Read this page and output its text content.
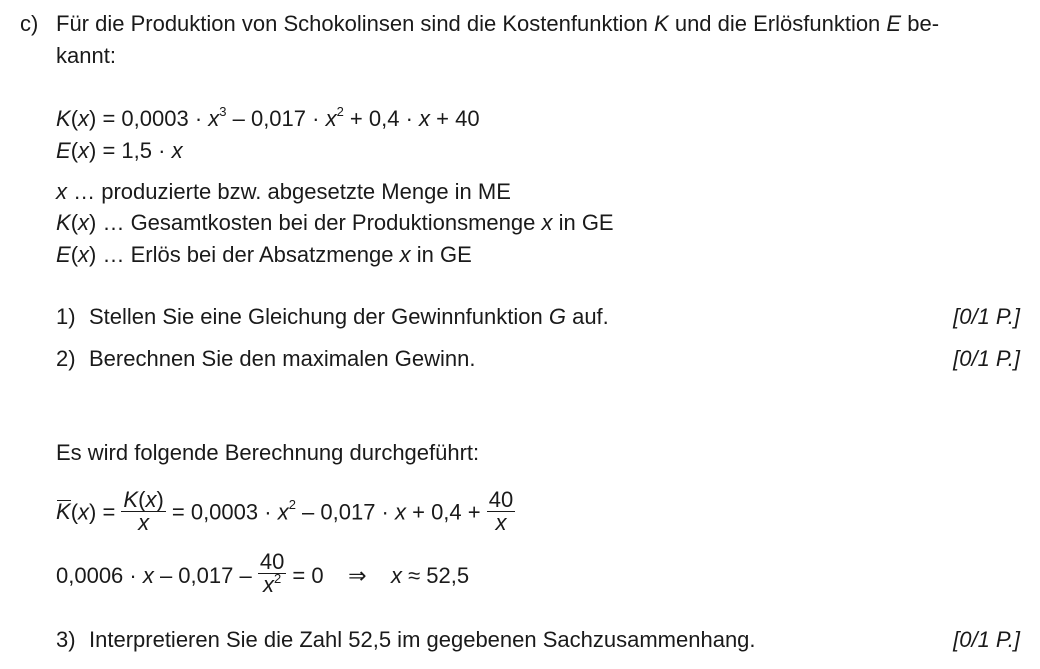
c) Für die Produktion von Schokolinsen sind die Kostenfunktion K und die Erlösfunktion E be-
kannt:
$K(x) = 0,0003 \cdot x^3 - 0,017 \cdot x^2 + 0,4 \cdot x + 40$
E(x) = 1,5 · x
x … produzierte bzw. abgesetzte Menge in ME
K(x) … Gesamtkosten bei der Produktionsmenge x in GE
E(x) … Erlös bei der Absatzmenge x in GE
1) Stellen Sie eine Gleichung der Gewinnfunktion G auf.	[0/1 P.]
2) Berechnen Sie den maximalen Gewinn.	[0/1 P.]
Es wird folgende Berechnung durchgeführt:
$K(x) = \frac{K(x)}{x} = 0,0003 \cdot x^2 - 0,017 \cdot x + 0,4 + \frac{40}{x}$
$0,0006 \cdot x - 0,017 - \frac{40}{x^2} = 0$    ⇒    x ≈ 52,5
3) Interpretieren Sie die Zahl 52,5 im gegebenen Sachzusammenhang.	[0/1 P.]
